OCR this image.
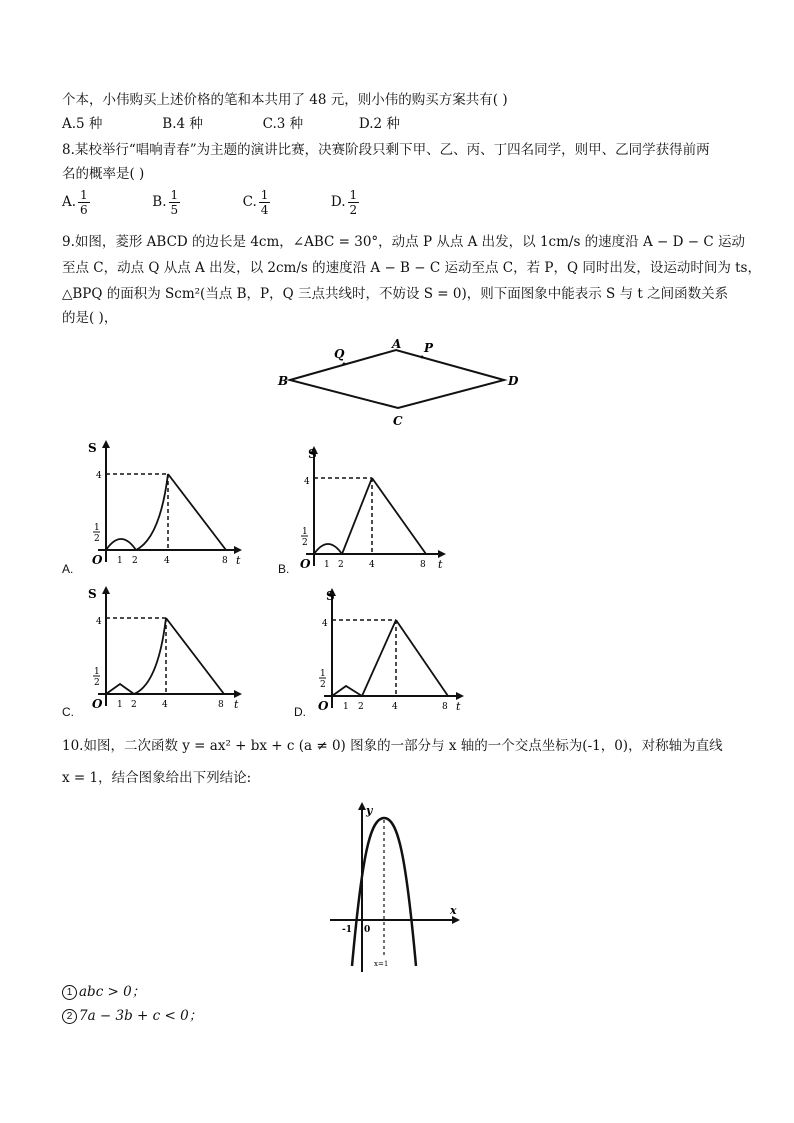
个本，小伟购买上述价格的笔和本共用了 48 元，则小伟的购买方案共有( )
A.5 种	B.4 种	C.3 种	D.2 种
8.某校举行“唱响青春”为主题的演讲比赛，决赛阶段只剩下甲、乙、丙、丁四名同学，则甲、乙同学获得前两
名的概率是( )
A. $\frac{1}{6}$	B. $\frac{1}{5}$	C. $\frac{1}{4}$	D. $\frac{1}{2}$
9.如图，菱形 ABCD 的边长是 4cm，∠ABC = 30°，动点 P 从点 A 出发，以 1cm/s 的速度沿 A − D − C 运动
至点 C，动点 Q 从点 A 出发，以 2cm/s 的速度沿 A − B − C 运动至点 C，若 P，Q 同时出发，设运动时间为 ts，
△BPQ 的面积为 Scm²(当点 B，P，Q 三点共线时，不妨设 S = 0)，则下面图象中能表示 S 与 t 之间函数关系
的是( )，
B
A
D
C
Q	P
S
t
O
4
1
2
1 2	4	8
A.
S
t
O
4
1
2
1 2	4	8
B.
S
t
O
4
1
2
1 2	4	8
C.
S
t
O
4
1
2
1 2	4	8
D.
10.如图，二次函数 y = ax² + bx + c (a ≠ 0) 图象的一部分与 x 轴的一个交点坐标为(-1，0)，对称轴为直线
x = 1，结合图象给出下列结论:
y
x
-1 0
x=1
1 abc > 0；
2 7a − 3b + c < 0；
